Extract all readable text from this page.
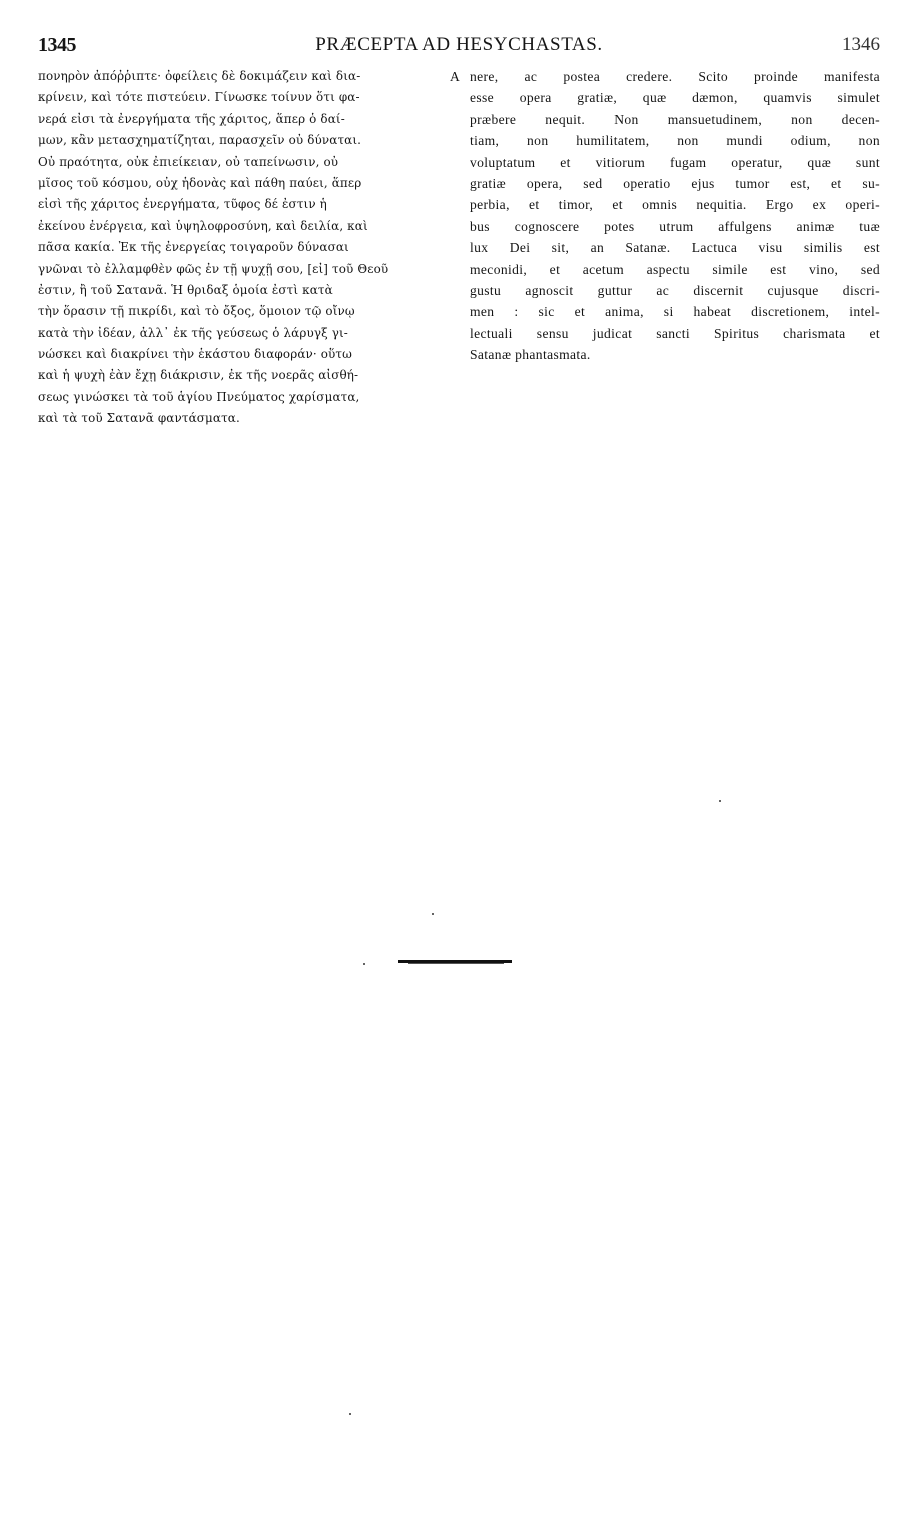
1345	PRÆCEPTA AD HESYCHASTAS.	1346
πονηρὸν ἀπόῤῥιπτε· ὀφείλεις δὲ δοκιμάζειν καὶ δια-
κρίνειν, καὶ τότε πιστεύειν. Γίνωσκε τοίνυν ὅτι φα-
νερά εἰσι τὰ ἐνεργήματα τῆς χάριτος, ἅπερ ὁ δαί-
μων, κἂν μετασχηματίζηται, παρασχεῖν οὐ δύναται.
Οὐ πραότητα, οὐκ ἐπιείκειαν, οὐ ταπείνωσιν, οὐ
μῖσος τοῦ κόσμου, οὐχ ἡδονὰς καὶ πάθη παύει, ἅπερ
εἰσὶ τῆς χάριτος ἐνεργήματα, τῦφος δέ ἐστιν ἡ
ἐκείνου ἐνέργεια, καὶ ὑψηλοφροσύνη, καὶ δειλία, καὶ
πᾶσα κακία. Ἐκ τῆς ἐνεργείας τοιγαροῦν δύνασαι
γνῶναι τὸ ἐλλαμφθὲν φῶς ἐν τῇ ψυχῇ σου, [εἰ] τοῦ Θεοῦ
ἐστιν, ἢ τοῦ Σατανᾶ. Ἡ θριδαξ ὁμοία ἐστὶ κατὰ
τὴν ὅρασιν τῇ πικρίδι, καὶ τὸ ὄξος, ὅμοιον τῷ οἴνῳ
κατὰ τὴν ἰδέαν, ἀλλ᾽ ἐκ τῆς γεύσεως ὁ λάρυγξ γι-
νώσκει καὶ διακρίνει τὴν ἑκάστου διαφοράν· οὕτω
καὶ ἡ ψυχὴ ἐὰν ἔχῃ διάκρισιν, ἐκ τῆς νοερᾶς αἰσθή-
σεως γινώσκει τὰ τοῦ ἁγίου Πνεύματος χαρίσματα,
καὶ τὰ τοῦ Σατανᾶ φαντάσματα.
A nere, ac postea credere. Scito proinde manifesta
esse opera gratiæ, quæ dæmon, quamvis simulet
præbere nequit. Non mansuetudinem, non decen-
tiam, non humilitatem, non mundi odium, non
voluptatum et vitiorum fugam operatur, quæ sunt
gratiæ opera, sed operatio ejus tumor est, et su-
perbia, et timor, et omnis nequitia. Ergo ex operi-
bus cognoscere potes utrum affulgens animæ tuæ
lux Dei sit, an Satanæ. Lactuca visu similis est
meconidi, et acetum aspectu simile est vino, sed
gustu agnoscit guttur ac discernit cujusque discri-
men : sic et anima, si habeat discretionem, intel-
lectuali sensu judicat sancti Spiritus charismata et
Satanæ phantasmata.
